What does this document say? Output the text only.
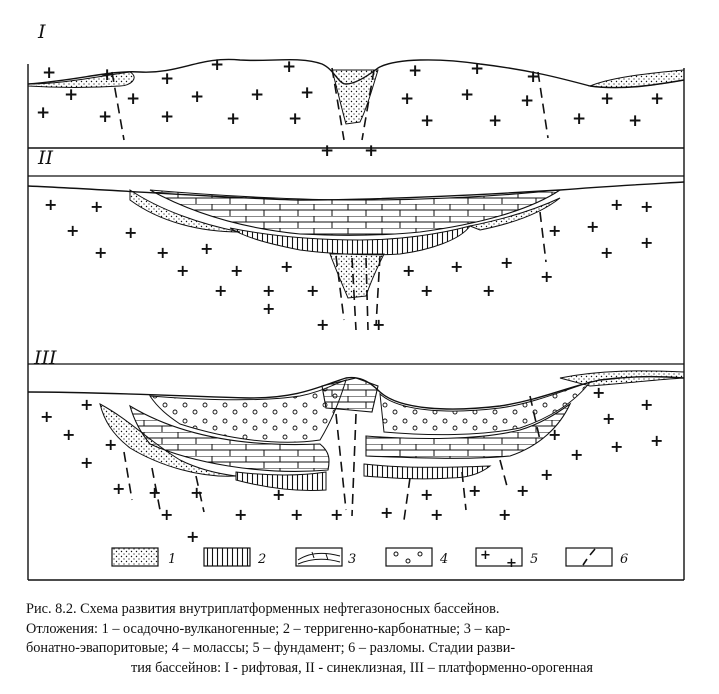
+	+	+
+	+
+	+	+	+ +
+	+	+	+	+
+ +
+	+ +
+ +
+	+	+
+ +
+	+
I
+ +
+	+
+	+ +
+	+ +
+ + +
+
+	+
+ + +
+	+
+ +
+ +
+
+
+
II
+
+
+
+
+
+ + +
+	+
+
+ + +
+
+
+
+
+
+
+
+
+
+
+ +
+
+
III
1	2	3	4 +
+ 5	6
Рис. 8.2. Схема развития внутриплатформенных нефтегазоносных бассейнов.
Отложения: 1 – осадочно-вулканогенные; 2 – терригенно-карбонатные; 3 – кар-
бонатно-эвапоритовые; 4 – молассы; 5 – фундамент; 6 – разломы. Стадии разви-
тия бассейнов: I - рифтовая, II - синеклизная, III – платформенно-орогенная
